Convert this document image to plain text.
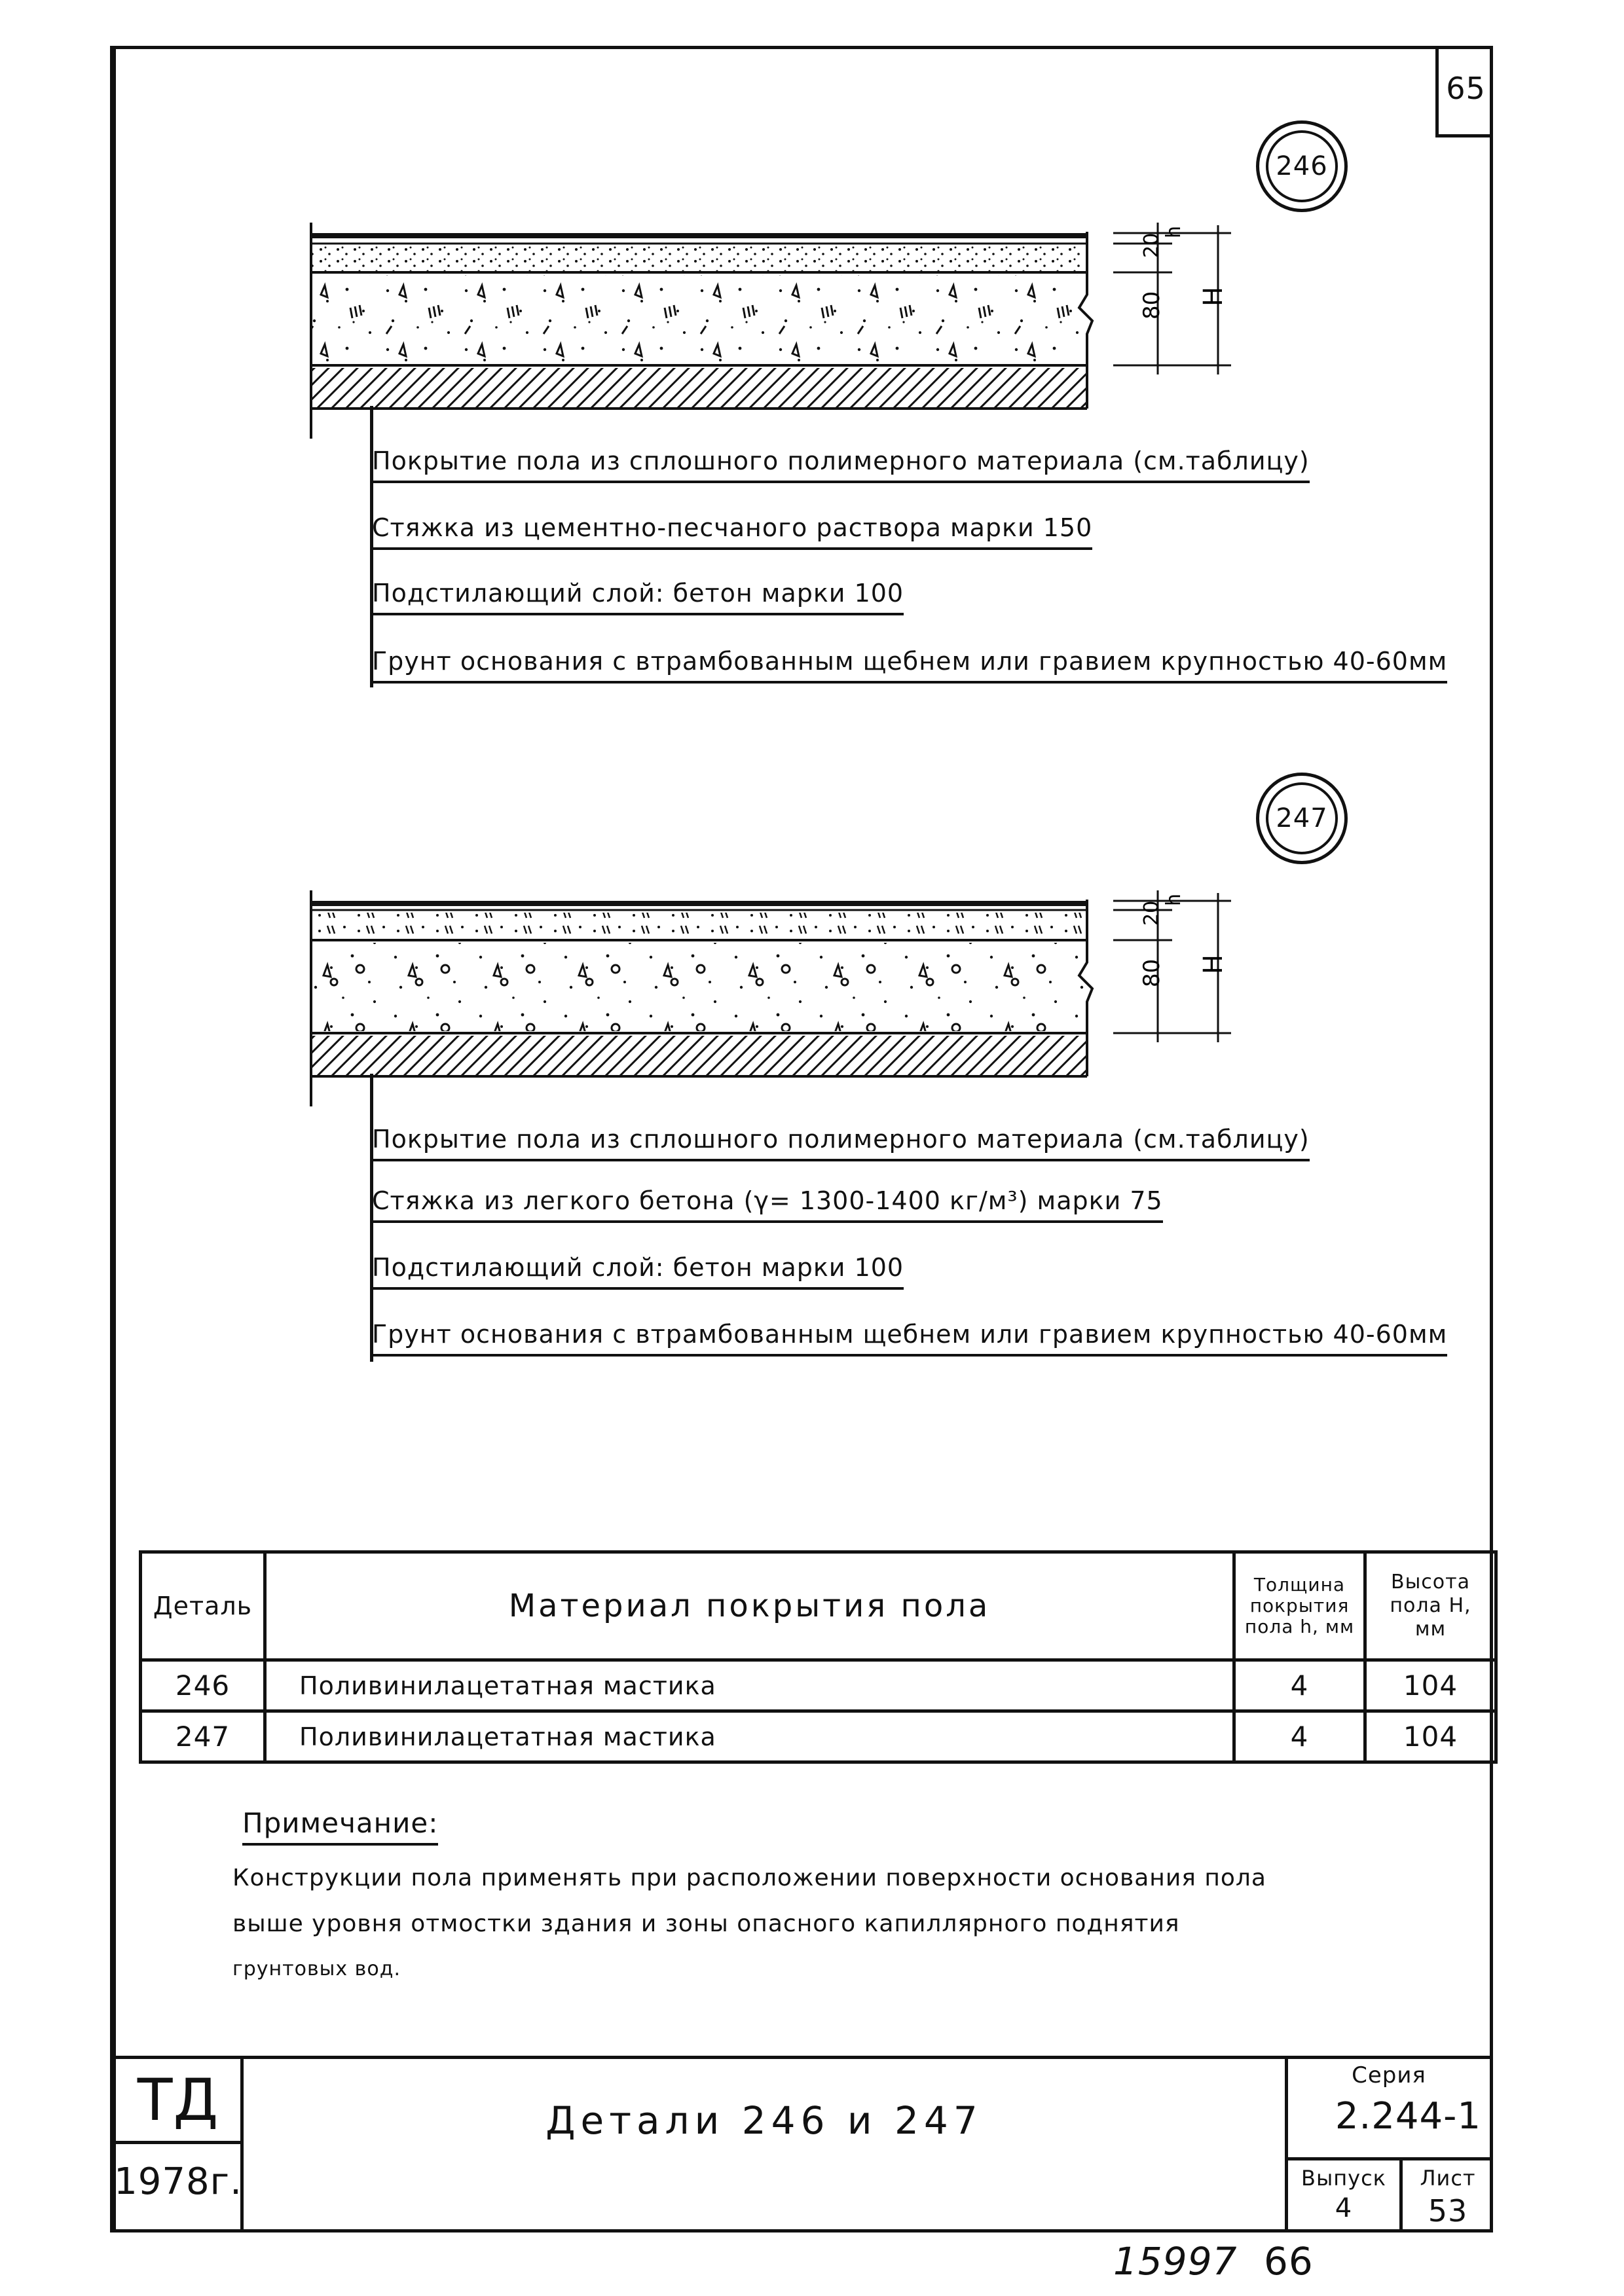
65
246
h
20
80 H
Покрытие пола из сплошного полимерного материала (см.таблицу)
Стяжка из цементно-песчаного раствора марки 150
Подстилающий слой: бетон марки 100
Грунт основания с втрамбованным щебнем или гравием крупностью 40-60мм
247
h
20
80 H
Покрытие пола из сплошного полимерного материала (см.таблицу)
Стяжка из легкого бетона (γ= 1300-1400 кг/м³) марки 75
Подстилающий слой: бетон марки 100
Грунт основания с втрамбованным щебнем или гравием крупностью 40-60мм
Деталь	Материал покрытия пола	Толщина покрытия пола h, мм	Высота пола H, мм
246	Поливинилацетатная мастика	4	104
247	Поливинилацетатная мастика	4	104
Примечание:
Конструкции пола применять при расположении поверхности основания пола
выше уровня отмостки здания и зоны опасного капиллярного поднятия
грунтовых вод.
ТД
1978г.
Детали 246 и 247
Серия
2.244-1
Выпуск
4
Лист
53
15997 66
